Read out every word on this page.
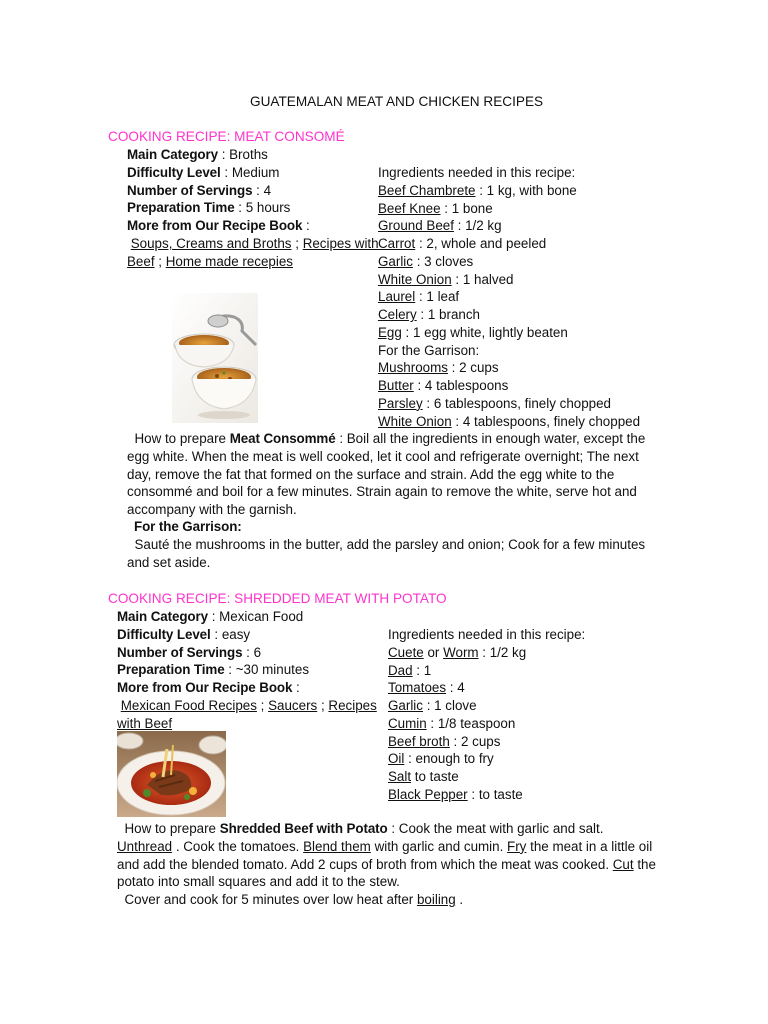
GUATEMALAN MEAT AND CHICKEN RECIPES
COOKING RECIPE: MEAT CONSOMÉ
Main Category : Broths
Difficulty Level : Medium
Number of Servings : 4
Preparation Time : 5 hours
More from Our Recipe Book :
Soups, Creams and Broths ; Recipes with
Beef ; Home made recepies
Ingredients needed in this recipe:
Beef Chambrete : 1 kg, with bone
Beef Knee : 1 bone
Ground Beef : 1/2 kg
Carrot : 2, whole and peeled
Garlic : 3 cloves
White Onion : 1 halved
Laurel : 1 leaf
Celery : 1 branch
Egg : 1 egg white, lightly beaten
For the Garrison:
Mushrooms : 2 cups
Butter : 4 tablespoons
Parsley : 6 tablespoons, finely chopped
White Onion : 4 tablespoons, finely chopped

How to prepare Meat Consommé : Boil all the ingredients in enough water, except the egg white. When the meat is well cooked, let it cool and refrigerate overnight; The next day, remove the fat that formed on the surface and strain. Add the egg white to the consommé and boil for a few minutes. Strain again to remove the white, serve hot and accompany with the garnish.

For the Garrison:

Sauté the mushrooms in the butter, add the parsley and onion; Cook for a few minutes and set aside.

COOKING RECIPE: SHREDDED MEAT WITH POTATO
Main Category : Mexican Food
Difficulty Level : easy
Number of Servings : 6
Preparation Time : ~30 minutes
More from Our Recipe Book :
Mexican Food Recipes ; Saucers ; Recipes
with Beef
Ingredients needed in this recipe:
Cuete or Worm : 1/2 kg
Dad : 1
Tomatoes : 4
Garlic : 1 clove
Cumin : 1/8 teaspoon
Beef broth : 2 cups
Oil : enough to fry
Salt to taste
Black Pepper : to taste

How to prepare Shredded Beef with Potato : Cook the meat with garlic and salt. Unthread . Cook the tomatoes. Blend them with garlic and cumin. Fry the meat in a little oil and add the blended tomato. Add 2 cups of broth from which the meat was cooked. Cut the potato into small squares and add it to the stew.

Cover and cook for 5 minutes over low heat after boiling .
